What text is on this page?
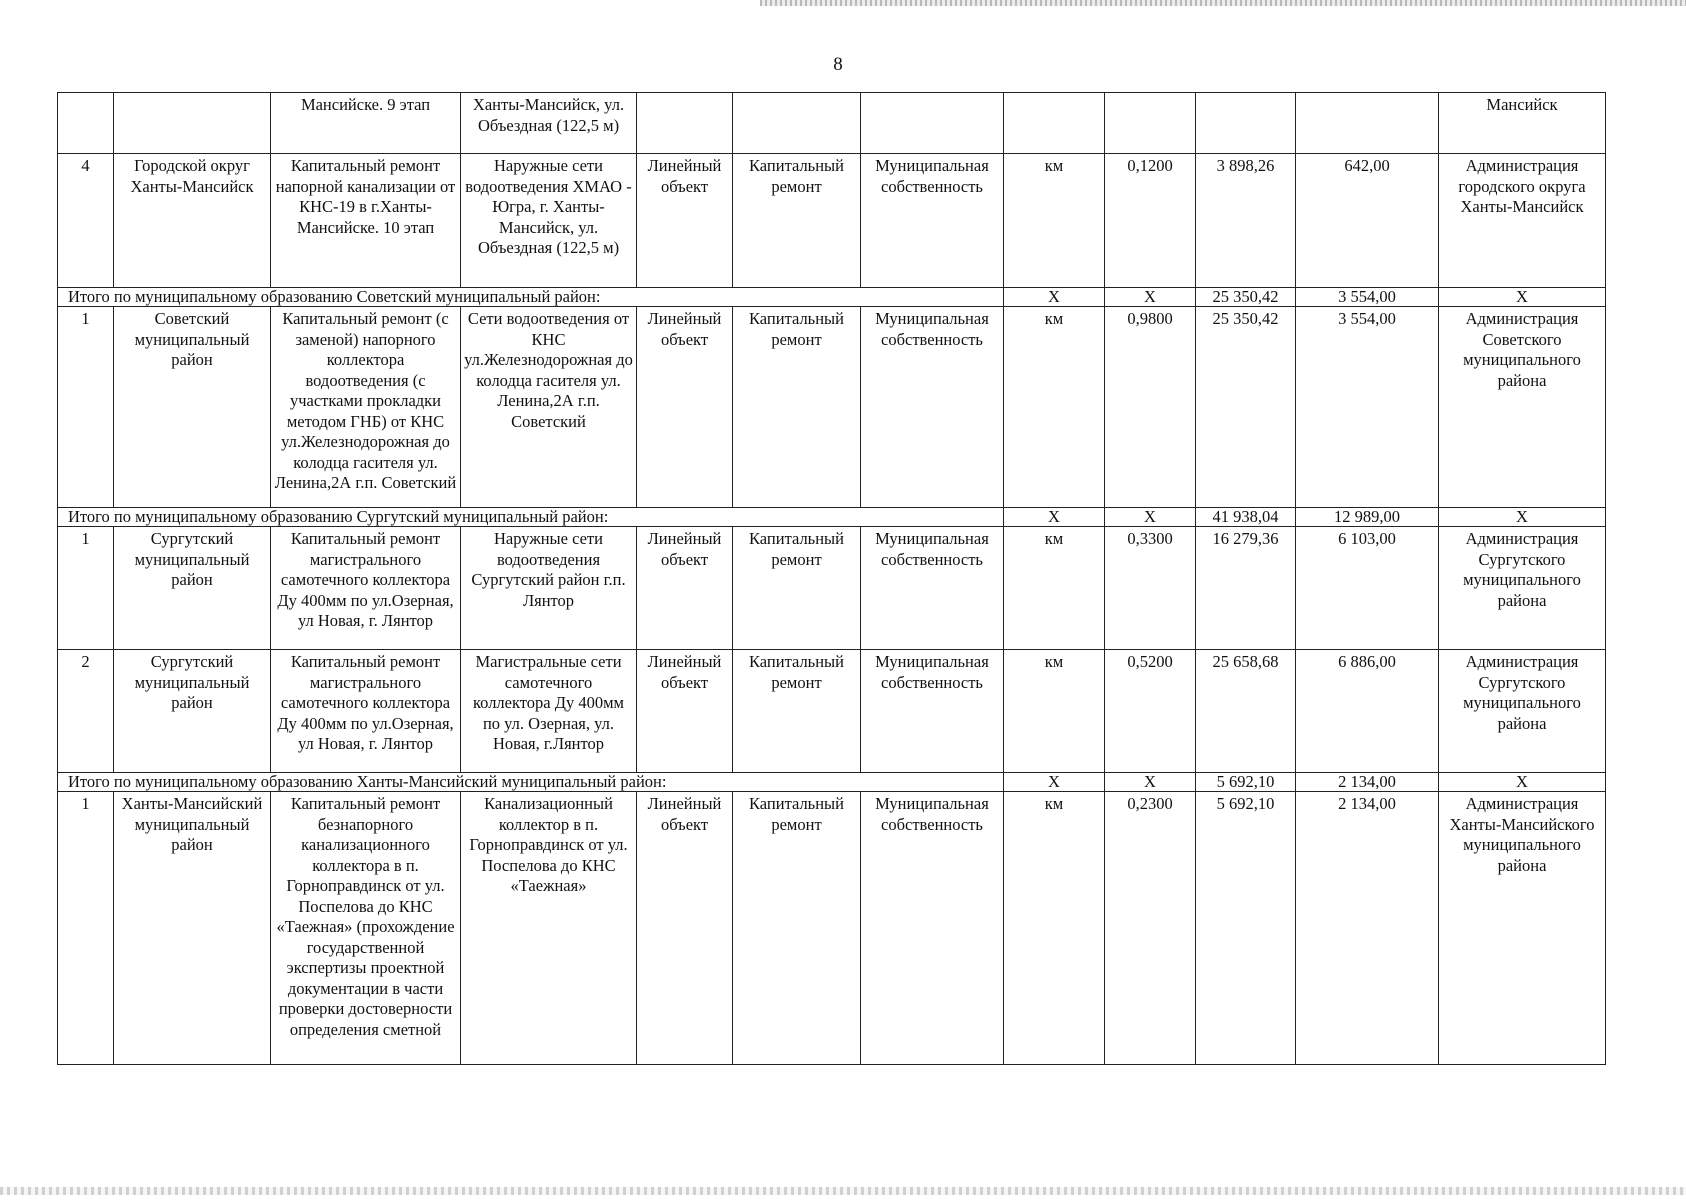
8
		Мансийске. 9 этап	Ханты-Мансийск, ул. Объездная (122,5 м)								Мансийск
4	Городской округ Ханты-Мансийск	Капитальный ремонт напорной канализации от КНС-19 в г.Ханты-Мансийске. 10 этап	Наружные сети водоотведения ХМАО - Югра, г. Ханты-Мансийск, ул. Объездная (122,5 м)	Линейный объект	Капитальный ремонт	Муниципальная собственность	км	0,1200	3 898,26	642,00	Администрация городского округа Ханты-Мансийск
Итого по муниципальному образованию Советский муниципальный район:							Х	Х	25 350,42	3 554,00	Х
1	Советский муниципальный район	Капитальный ремонт (с заменой) напорного коллектора водоотведения (с участками прокладки методом ГНБ) от КНС ул.Железнодорожная до колодца гасителя ул. Ленина,2А г.п. Советский	Сети водоотведения от КНС ул.Железнодорожная до колодца гасителя ул. Ленина,2А г.п. Советский	Линейный объект	Капитальный ремонт	Муниципальная собственность	км	0,9800	25 350,42	3 554,00	Администрация Советского муниципального района
Итого по муниципальному образованию Сургутский муниципальный район:							Х	Х	41 938,04	12 989,00	Х
1	Сургутский муниципальный район	Капитальный ремонт магистрального самотечного коллектора Ду 400мм по ул.Озерная, ул Новая, г. Лянтор	Наружные сети водоотведения Сургутский район г.п. Лянтор	Линейный объект	Капитальный ремонт	Муниципальная собственность	км	0,3300	16 279,36	6 103,00	Администрация Сургутского муниципального района
2	Сургутский муниципальный район	Капитальный ремонт магистрального самотечного коллектора Ду 400мм по ул.Озерная, ул Новая, г. Лянтор	Магистральные сети самотечного коллектора Ду 400мм по ул. Озерная, ул. Новая, г.Лянтор	Линейный объект	Капитальный ремонт	Муниципальная собственность	км	0,5200	25 658,68	6 886,00	Администрация Сургутского муниципального района
Итого по муниципальному образованию Ханты-Мансийский муниципальный район:							Х	Х	5 692,10	2 134,00	Х
1	Ханты-Мансийский муниципальный район	Капитальный ремонт безнапорного канализационного коллектора в п. Горноправдинск от ул. Поспелова до КНС «Таежная» (прохождение государственной экспертизы проектной документации в части проверки достоверности определения сметной	Канализационный коллектор в п. Горноправдинск от ул. Поспелова до КНС «Таежная»	Линейный объект	Капитальный ремонт	Муниципальная собственность	км	0,2300	5 692,10	2 134,00	Администрация Ханты-Мансийского муниципального района
